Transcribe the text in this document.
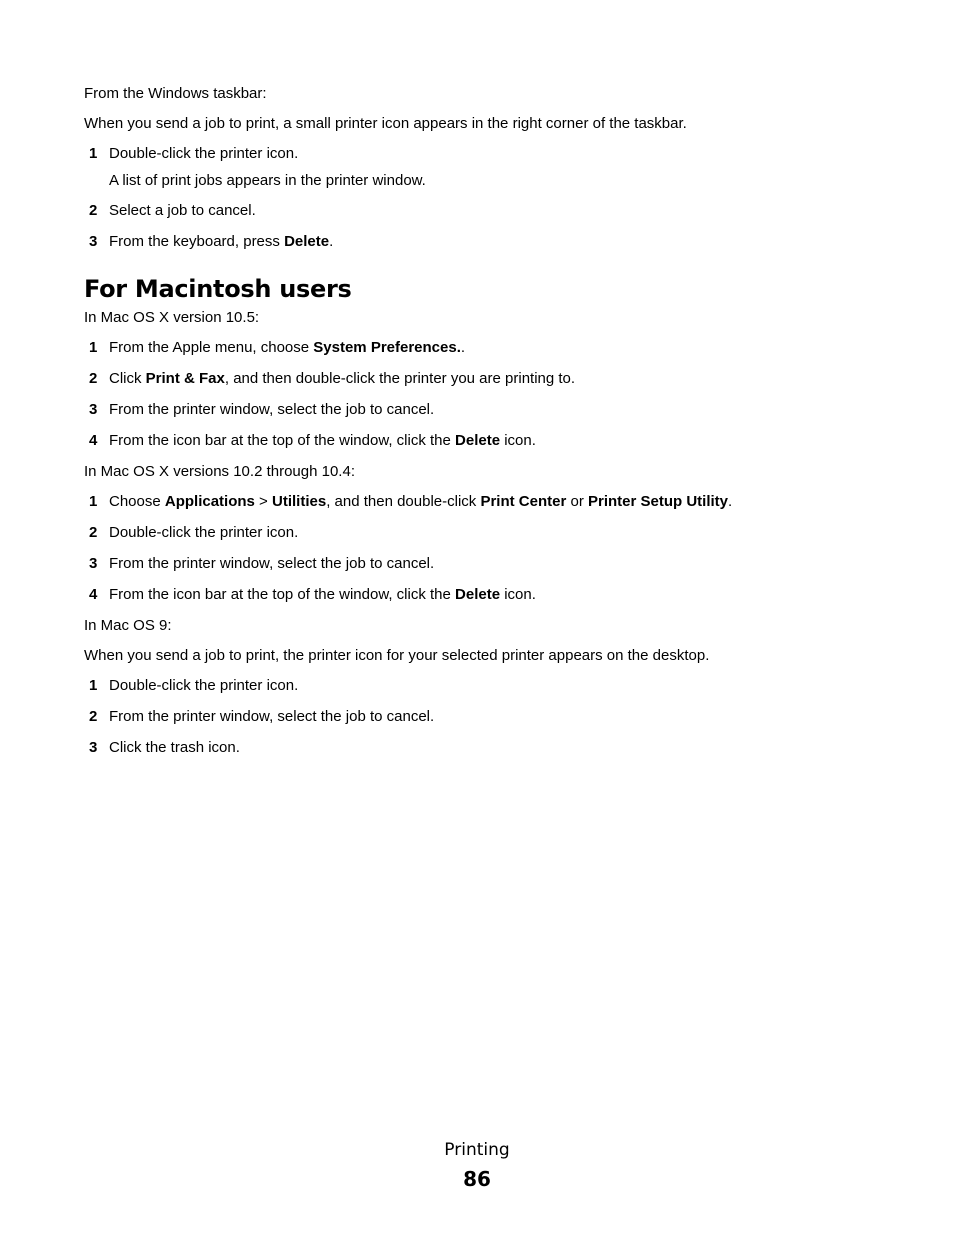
From the Windows taskbar:

When you send a job to print, a small printer icon appears in the right corner of the taskbar.

1 Double-click the printer icon.

A list of print jobs appears in the printer window.

2 Select a job to cancel.
3 From the keyboard, press Delete.
For Macintosh users

In Mac OS X version 10.5:

1 From the Apple menu, choose System Preferences..
2 Click Print & Fax, and then double-click the printer you are printing to.
3 From the printer window, select the job to cancel.
4 From the icon bar at the top of the window, click the Delete icon.

In Mac OS X versions 10.2 through 10.4:

1 Choose Applications > Utilities, and then double-click Print Center or Printer Setup Utility.
2 Double-click the printer icon.
3 From the printer window, select the job to cancel.
4 From the icon bar at the top of the window, click the Delete icon.

In Mac OS 9:

When you send a job to print, the printer icon for your selected printer appears on the desktop.

1 Double-click the printer icon.
2 From the printer window, select the job to cancel.
3 Click the trash icon.
Printing
86
